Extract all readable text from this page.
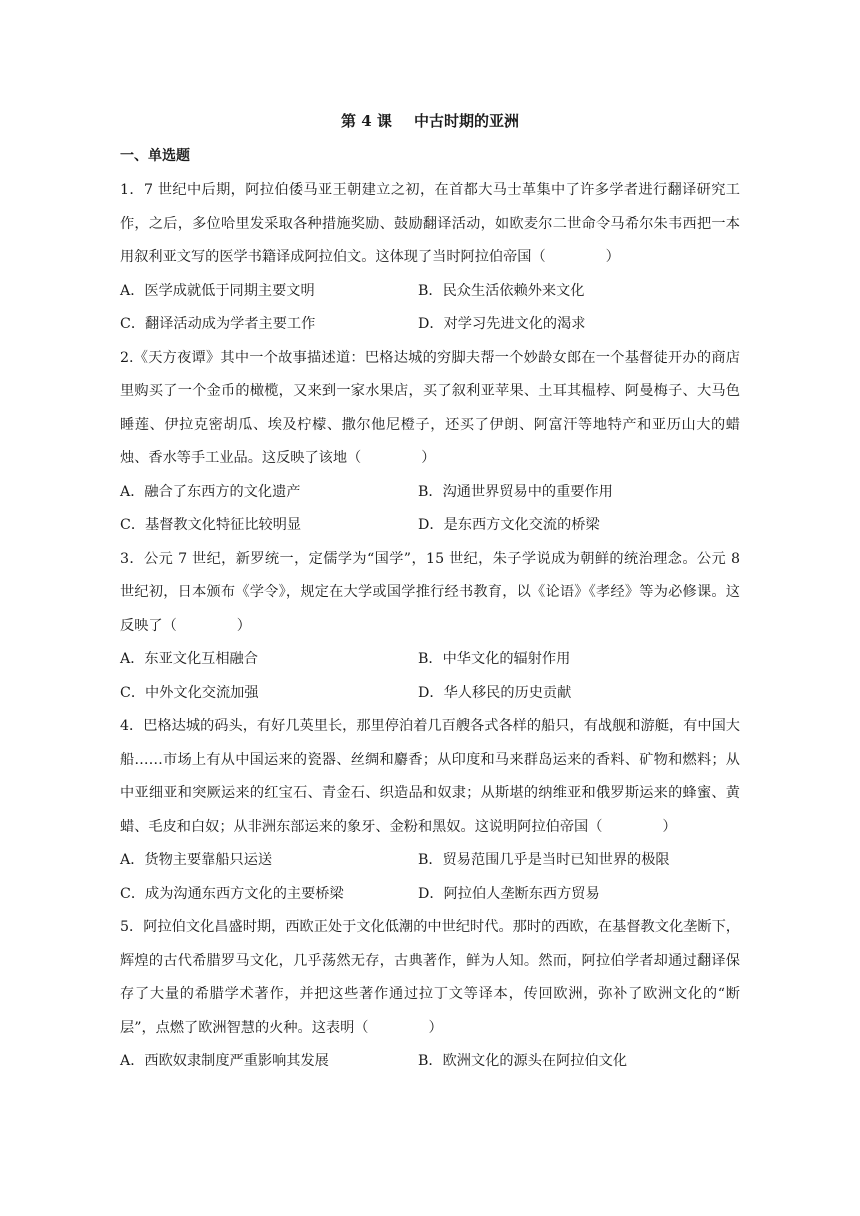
第 4 课 中古时期的亚洲
一、单选题

1．7 世纪中后期，阿拉伯倭马亚王朝建立之初，在首都大马士革集中了许多学者进行翻译研究工作，之后，多位哈里发采取各种措施奖励、鼓励翻译活动，如欧麦尔二世命令马希尔朱韦西把一本用叙利亚文写的医学书籍译成阿拉伯文。这体现了当时阿拉伯帝国（	）

A．医学成就低于同期主要文明	B．民众生活依赖外来文化
C．翻译活动成为学者主要工作	D．对学习先进文化的渴求

2.《天方夜谭》其中一个故事描述道：巴格达城的穷脚夫帮一个妙龄女郎在一个基督徒开办的商店里购买了一个金币的橄榄，又来到一家水果店，买了叙利亚苹果、土耳其榅桲、阿曼梅子、大马色睡莲、伊拉克密胡瓜、埃及柠檬、撒尔他尼橙子，还买了伊朗、阿富汗等地特产和亚历山大的蜡烛、香水等手工业品。这反映了该地（	）

A．融合了东西方的文化遗产	B．沟通世界贸易中的重要作用
C．基督教文化特征比较明显	D．是东西方文化交流的桥梁

3．公元 7 世纪，新罗统一，定儒学为“国学”，15 世纪，朱子学说成为朝鲜的统治理念。公元 8 世纪初，日本颁布《学令》，规定在大学或国学推行经书教育，以《论语》《孝经》等为必修课。这反映了（	）

A．东亚文化互相融合	B．中华文化的辐射作用
C．中外文化交流加强	D．华人移民的历史贡献

4．巴格达城的码头，有好几英里长，那里停泊着几百艘各式各样的船只，有战舰和游艇，有中国大船……市场上有从中国运来的瓷器、丝绸和麝香；从印度和马来群岛运来的香料、矿物和燃料；从中亚细亚和突厥运来的红宝石、青金石、织造品和奴隶；从斯堪的纳维亚和俄罗斯运来的蜂蜜、黄蜡、毛皮和白奴；从非洲东部运来的象牙、金粉和黑奴。这说明阿拉伯帝国（	）

A．货物主要靠船只运送	B．贸易范围几乎是当时已知世界的极限
C．成为沟通东西方文化的主要桥梁	D．阿拉伯人垄断东西方贸易

5．阿拉伯文化昌盛时期，西欧正处于文化低潮的中世纪时代。那时的西欧，在基督教文化垄断下，辉煌的古代希腊罗马文化，几乎荡然无存，古典著作，鲜为人知。然而，阿拉伯学者却通过翻译保存了大量的希腊学术著作，并把这些著作通过拉丁文等译本，传回欧洲，弥补了欧洲文化的“断层”，点燃了欧洲智慧的火种。这表明（	）

A．西欧奴隶制度严重影响其发展	B．欧洲文化的源头在阿拉伯文化
